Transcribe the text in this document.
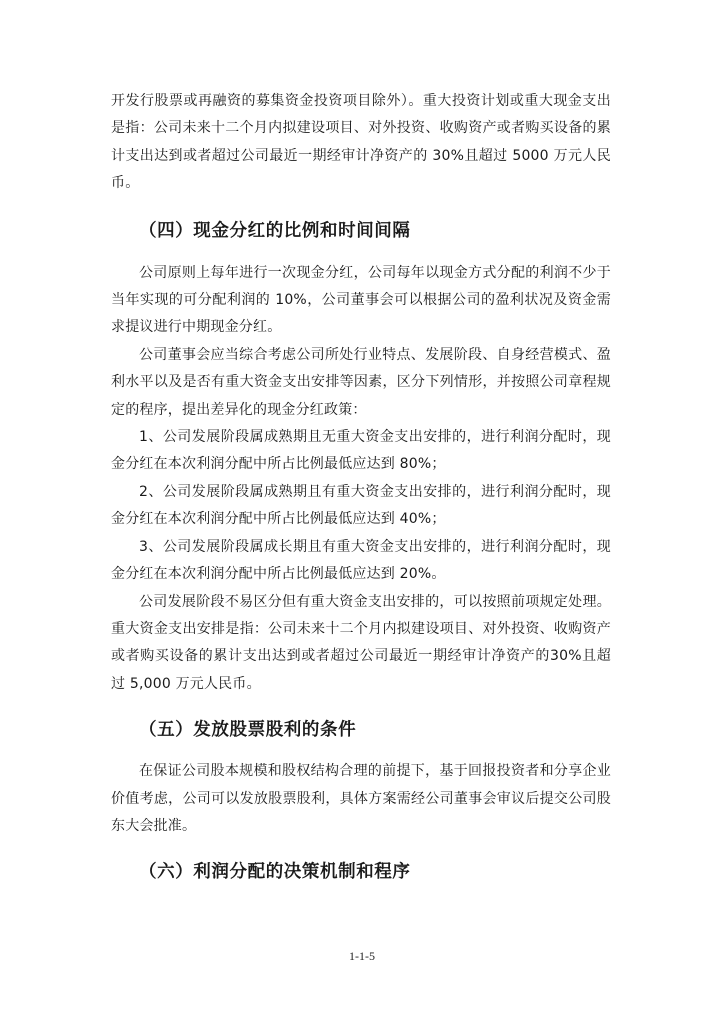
开发行股票或再融资的募集资金投资项目除外）。重大投资计划或重大现金支出是指：公司未来十二个月内拟建设项目、对外投资、收购资产或者购买设备的累计支出达到或者超过公司最近一期经审计净资产的 30%且超过 5000 万元人民币。

（四）现金分红的比例和时间间隔

公司原则上每年进行一次现金分红，公司每年以现金方式分配的利润不少于当年实现的可分配利润的 10%，公司董事会可以根据公司的盈利状况及资金需求提议进行中期现金分红。

公司董事会应当综合考虑公司所处行业特点、发展阶段、自身经营模式、盈利水平以及是否有重大资金支出安排等因素，区分下列情形，并按照公司章程规定的程序，提出差异化的现金分红政策：

1、公司发展阶段属成熟期且无重大资金支出安排的，进行利润分配时，现金分红在本次利润分配中所占比例最低应达到 80%；

2、公司发展阶段属成熟期且有重大资金支出安排的，进行利润分配时，现金分红在本次利润分配中所占比例最低应达到 40%；

3、公司发展阶段属成长期且有重大资金支出安排的，进行利润分配时，现金分红在本次利润分配中所占比例最低应达到 20%。

公司发展阶段不易区分但有重大资金支出安排的，可以按照前项规定处理。重大资金支出安排是指：公司未来十二个月内拟建设项目、对外投资、收购资产或者购买设备的累计支出达到或者超过公司最近一期经审计净资产的30%且超过 5,000 万元人民币。

（五）发放股票股利的条件

在保证公司股本规模和股权结构合理的前提下，基于回报投资者和分享企业价值考虑，公司可以发放股票股利，具体方案需经公司董事会审议后提交公司股东大会批准。

（六）利润分配的决策机制和程序
1-1-5
